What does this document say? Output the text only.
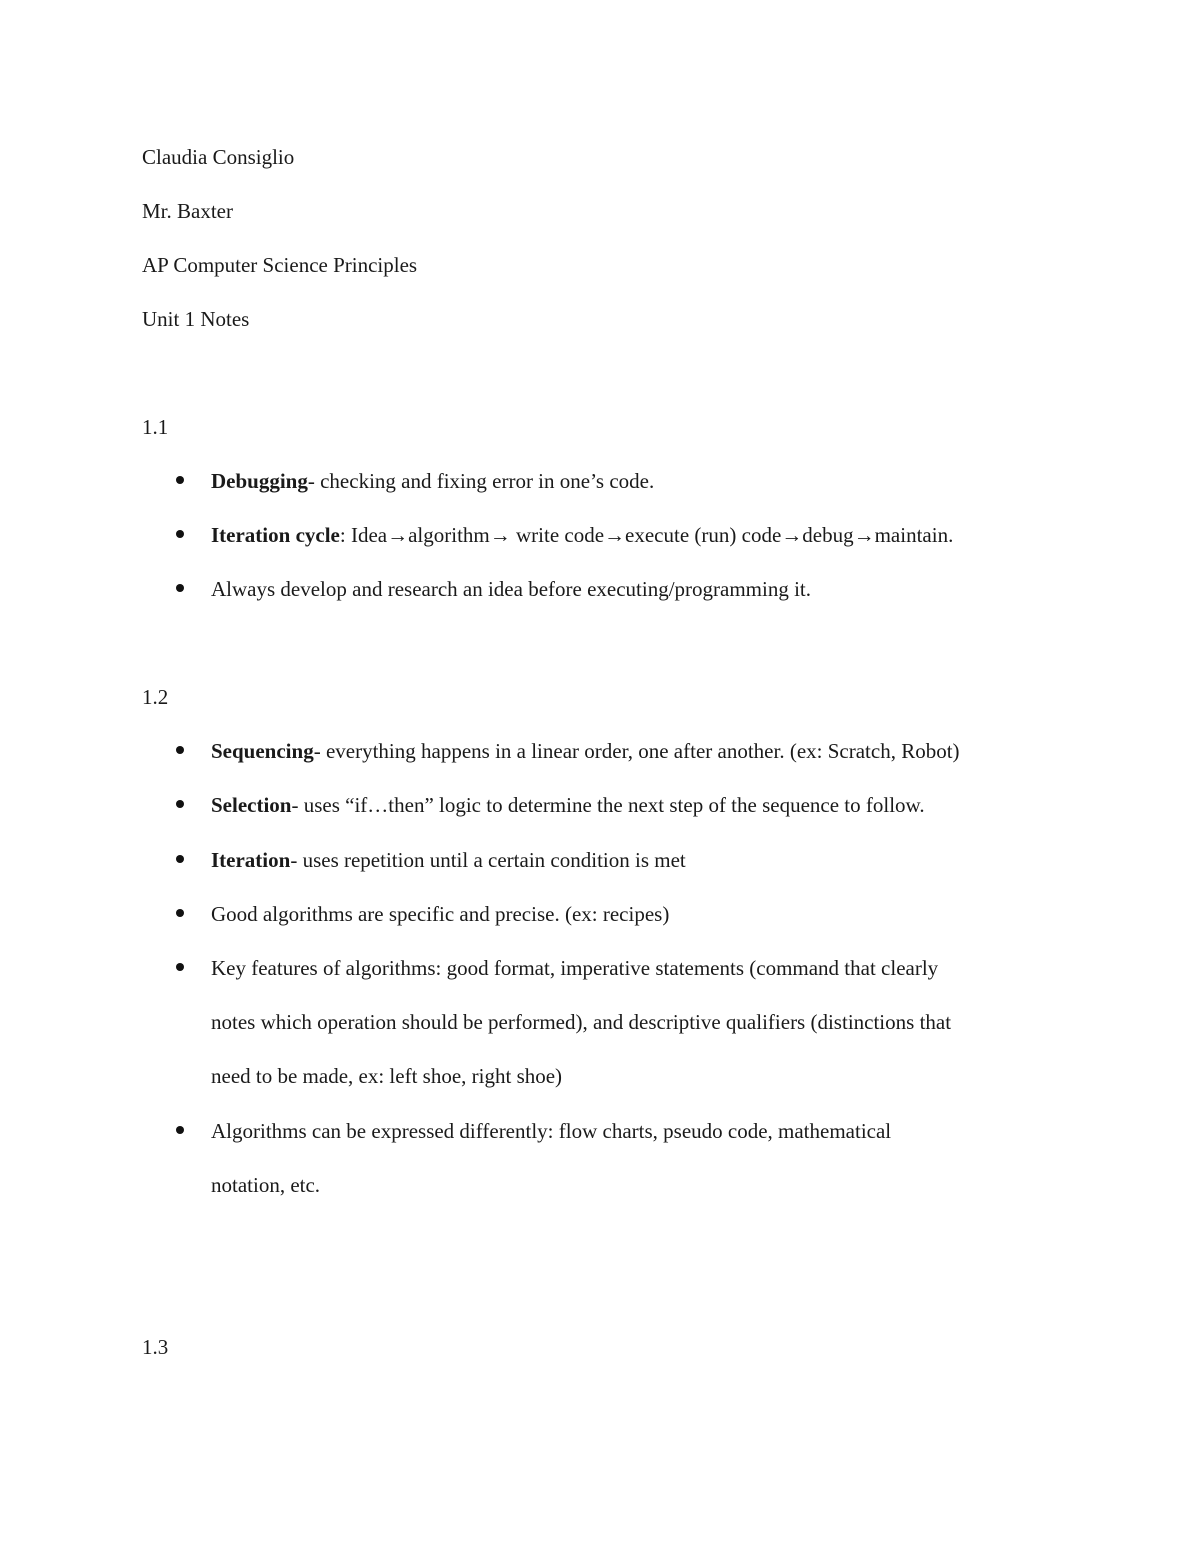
Claudia Consiglio
Mr. Baxter
AP Computer Science Principles
Unit 1 Notes
1.1
Debugging- checking and fixing error in one’s code.
Iteration cycle: Idea→algorithm→ write code→execute (run) code→debug→maintain.
Always develop and research an idea before executing/programming it.
1.2
Sequencing- everything happens in a linear order, one after another. (ex: Scratch, Robot)
Selection- uses “if…then” logic to determine the next step of the sequence to follow.
Iteration- uses repetition until a certain condition is met
Good algorithms are specific and precise. (ex: recipes)
Key features of algorithms: good format, imperative statements (command that clearly
notes which operation should be performed), and descriptive qualifiers (distinctions that
need to be made, ex: left shoe, right shoe)
Algorithms can be expressed differently: flow charts, pseudo code, mathematical
notation, etc.
1.3
